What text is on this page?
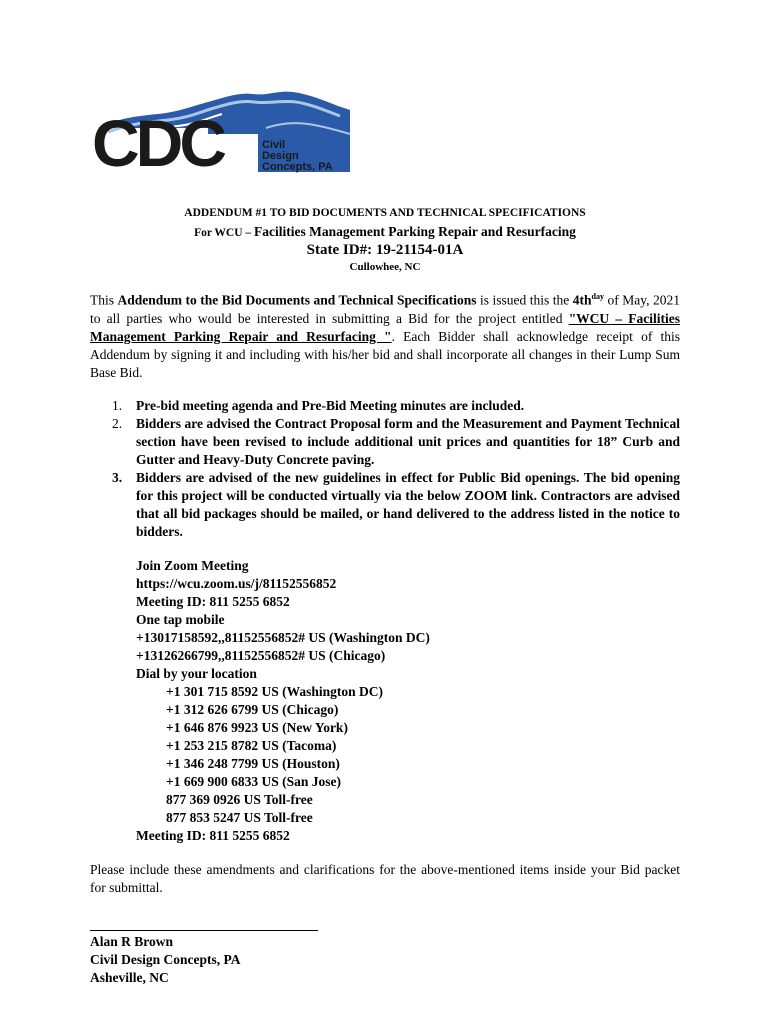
CDC	Civil
Design
Concepts, PA
ADDENDUM #1 TO BID DOCUMENTS AND TECHNICAL SPECIFICATIONS
For WCU – Facilities Management Parking Repair and Resurfacing
State ID#: 19-21154-01A
Cullowhee, NC
This Addendum to the Bid Documents and Technical Specifications is issued this the $4th^{day}$ of May, 2021 to all parties who would be interested in submitting a Bid for the project entitled "WCU – Facilities Management Parking Repair and Resurfacing ". Each Bidder shall acknowledge receipt of this Addendum by signing it and including with his/her bid and shall incorporate all changes in their Lump Sum Base Bid.
1. Pre-bid meeting agenda and Pre-Bid Meeting minutes are included.
2. Bidders are advised the Contract Proposal form and the Measurement and Payment Technical section have been revised to include additional unit prices and quantities for 18” Curb and Gutter and Heavy-Duty Concrete paving.
3. Bidders are advised of the new guidelines in effect for Public Bid openings. The bid opening for this project will be conducted virtually via the below ZOOM link. Contractors are advised that all bid packages should be mailed, or hand delivered to the address listed in the notice to bidders.
Join Zoom Meeting
https://wcu.zoom.us/j/81152556852
Meeting ID: 811 5255 6852
One tap mobile
+13017158592,,81152556852# US (Washington DC)
+13126266799,,81152556852# US (Chicago)
Dial by your location
+1 301 715 8592 US (Washington DC)
+1 312 626 6799 US (Chicago)
+1 646 876 9923 US (New York)
+1 253 215 8782 US (Tacoma)
+1 346 248 7799 US (Houston)
+1 669 900 6833 US (San Jose)
877 369 0926 US Toll-free
877 853 5247 US Toll-free
Meeting ID: 811 5255 6852
Please include these amendments and clarifications for the above-mentioned items inside your Bid packet for submittal.
Alan R Brown
Civil Design Concepts, PA
Asheville, NC
